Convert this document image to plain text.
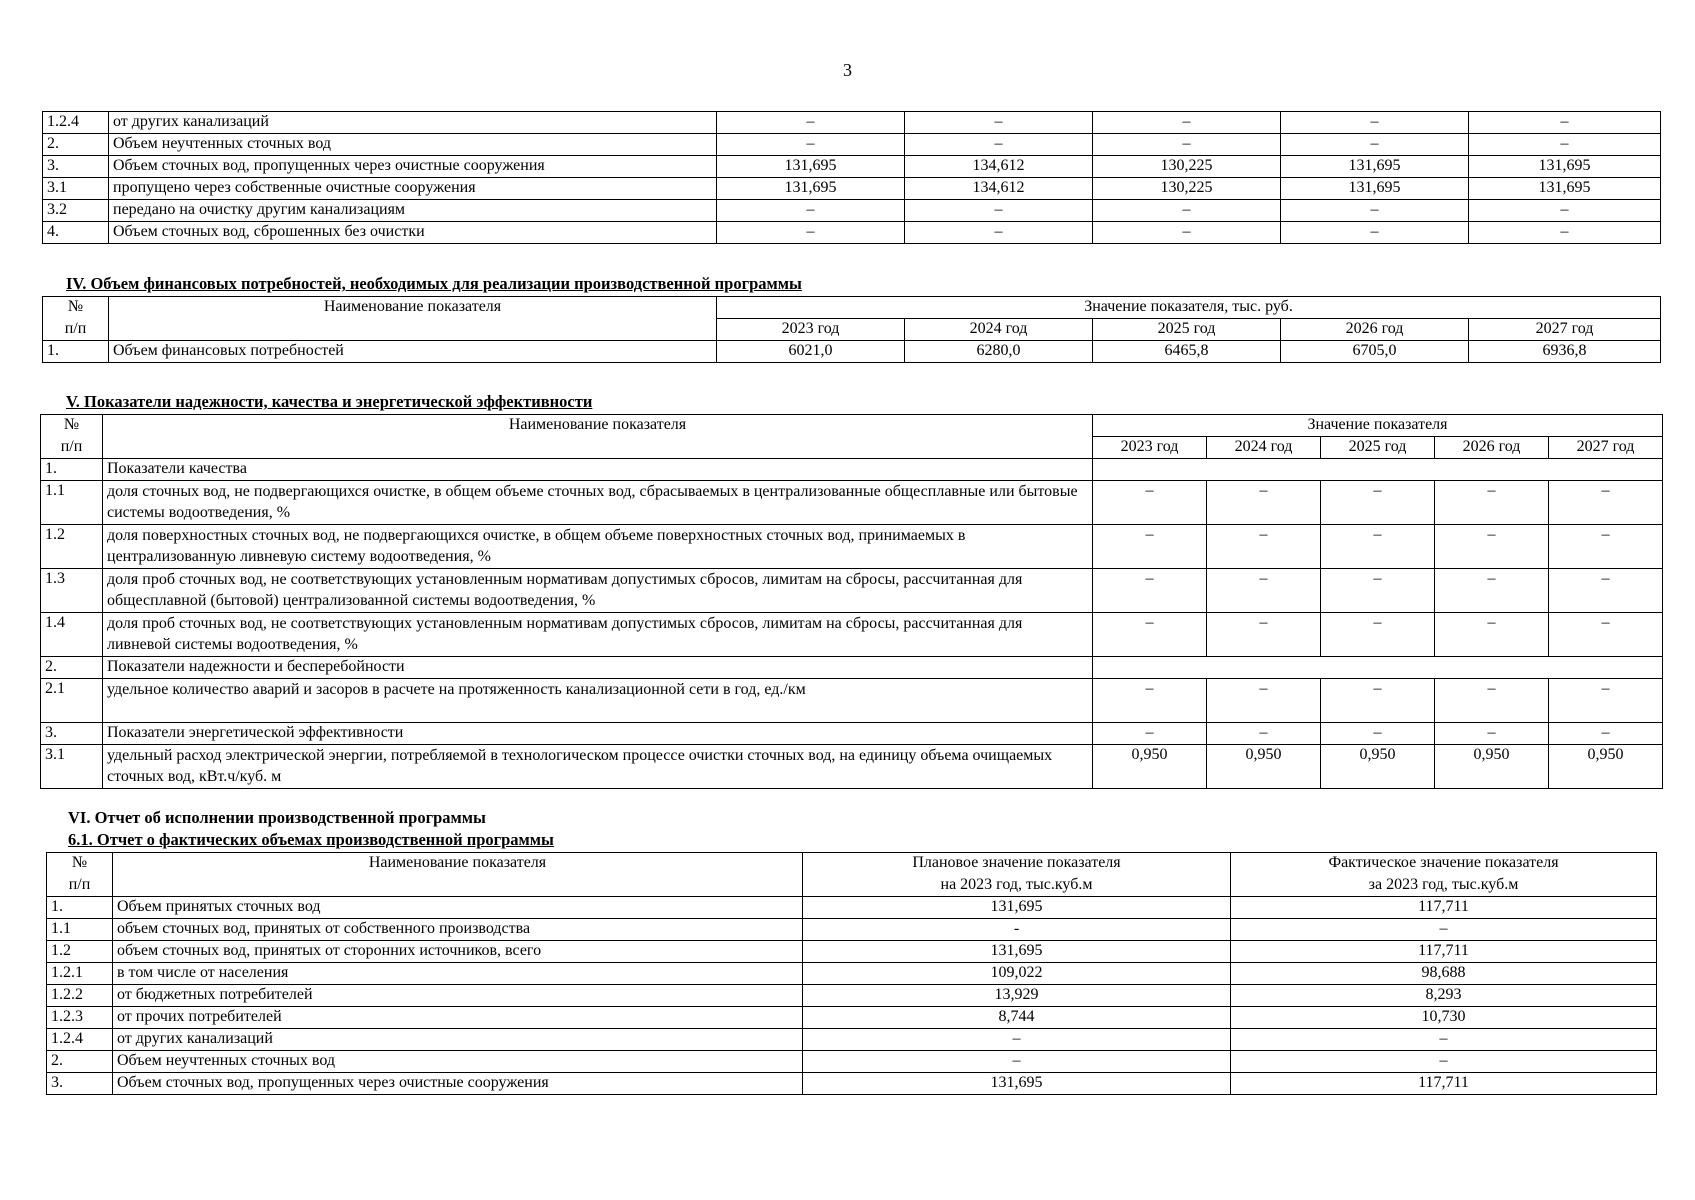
3
1.2.4	от других канализаций	–	–	–	–	–
2.	Объем неучтенных сточных вод	–	–	–	–	–
3.	Объем сточных вод, пропущенных через очистные сооружения	131,695	134,612	130,225	131,695	131,695
3.1	пропущено через собственные очистные сооружения	131,695	134,612	130,225	131,695	131,695
3.2	передано на очистку другим канализациям	–	–	–	–	–
4.	Объем сточных вод, сброшенных без очистки	–	–	–	–	–
IV. Объем финансовых потребностей, необходимых для реализации производственной программы
№	Наименование показателя	Значение показателя, тыс. руб.				
п/п		2023 год	2024 год	2025 год	2026 год	2027 год
1.	Объем финансовых потребностей	6021,0	6280,0	6465,8	6705,0	6936,8
V. Показатели надежности, качества и энергетической эффективности
№	Наименование показателя	Значение показателя				
п/п		2023 год	2024 год	2025 год	2026 год	2027 год
1.	Показатели качества					
1.1	доля сточных вод, не подвергающихся очистке, в общем объеме сточных вод, сбрасываемых в централизованные общесплавные или бытовые системы водоотведения, %	–	–	–	–	–
1.2	доля поверхностных сточных вод, не подвергающихся очистке, в общем объеме поверхностных сточных вод, принимаемых в централизованную ливневую систему водоотведения, %	–	–	–	–	–
1.3	доля проб сточных вод, не соответствующих установленным нормативам допустимых сбросов, лимитам на сбросы, рассчитанная для общесплавной (бытовой) централизованной системы водоотведения, %	–	–	–	–	–
1.4	доля проб сточных вод, не соответствующих установленным нормативам допустимых сбросов, лимитам на сбросы, рассчитанная для ливневой системы водоотведения, %	–	–	–	–	–
2.	Показатели надежности и бесперебойности					
2.1	удельное количество аварий и засоров в расчете на протяженность канализационной сети в год, ед./км	–	–	–	–	–
3.	Показатели энергетической эффективности	–	–	–	–	–
3.1	удельный расход электрической энергии, потребляемой в технологическом процессе очистки сточных вод, на единицу объема очищаемых сточных вод, кВт.ч/куб. м	0,950	0,950	0,950	0,950	0,950
VI. Отчет об исполнении производственной программы
6.1. Отчет о фактических объемах производственной программы
№	Наименование показателя	Плановое значение показателя	Фактическое значение показателя
п/п		на 2023 год, тыс.куб.м	за 2023 год, тыс.куб.м
1.	Объем принятых сточных вод	131,695	117,711
1.1	объем сточных вод, принятых от собственного производства	-	–
1.2	объем сточных вод, принятых от сторонних источников, всего	131,695	117,711
1.2.1	в том числе от населения	109,022	98,688
1.2.2	от бюджетных потребителей	13,929	8,293
1.2.3	от прочих потребителей	8,744	10,730
1.2.4	от других канализаций	–	–
2.	Объем неучтенных сточных вод	–	–
3.	Объем сточных вод, пропущенных через очистные сооружения	131,695	117,711
